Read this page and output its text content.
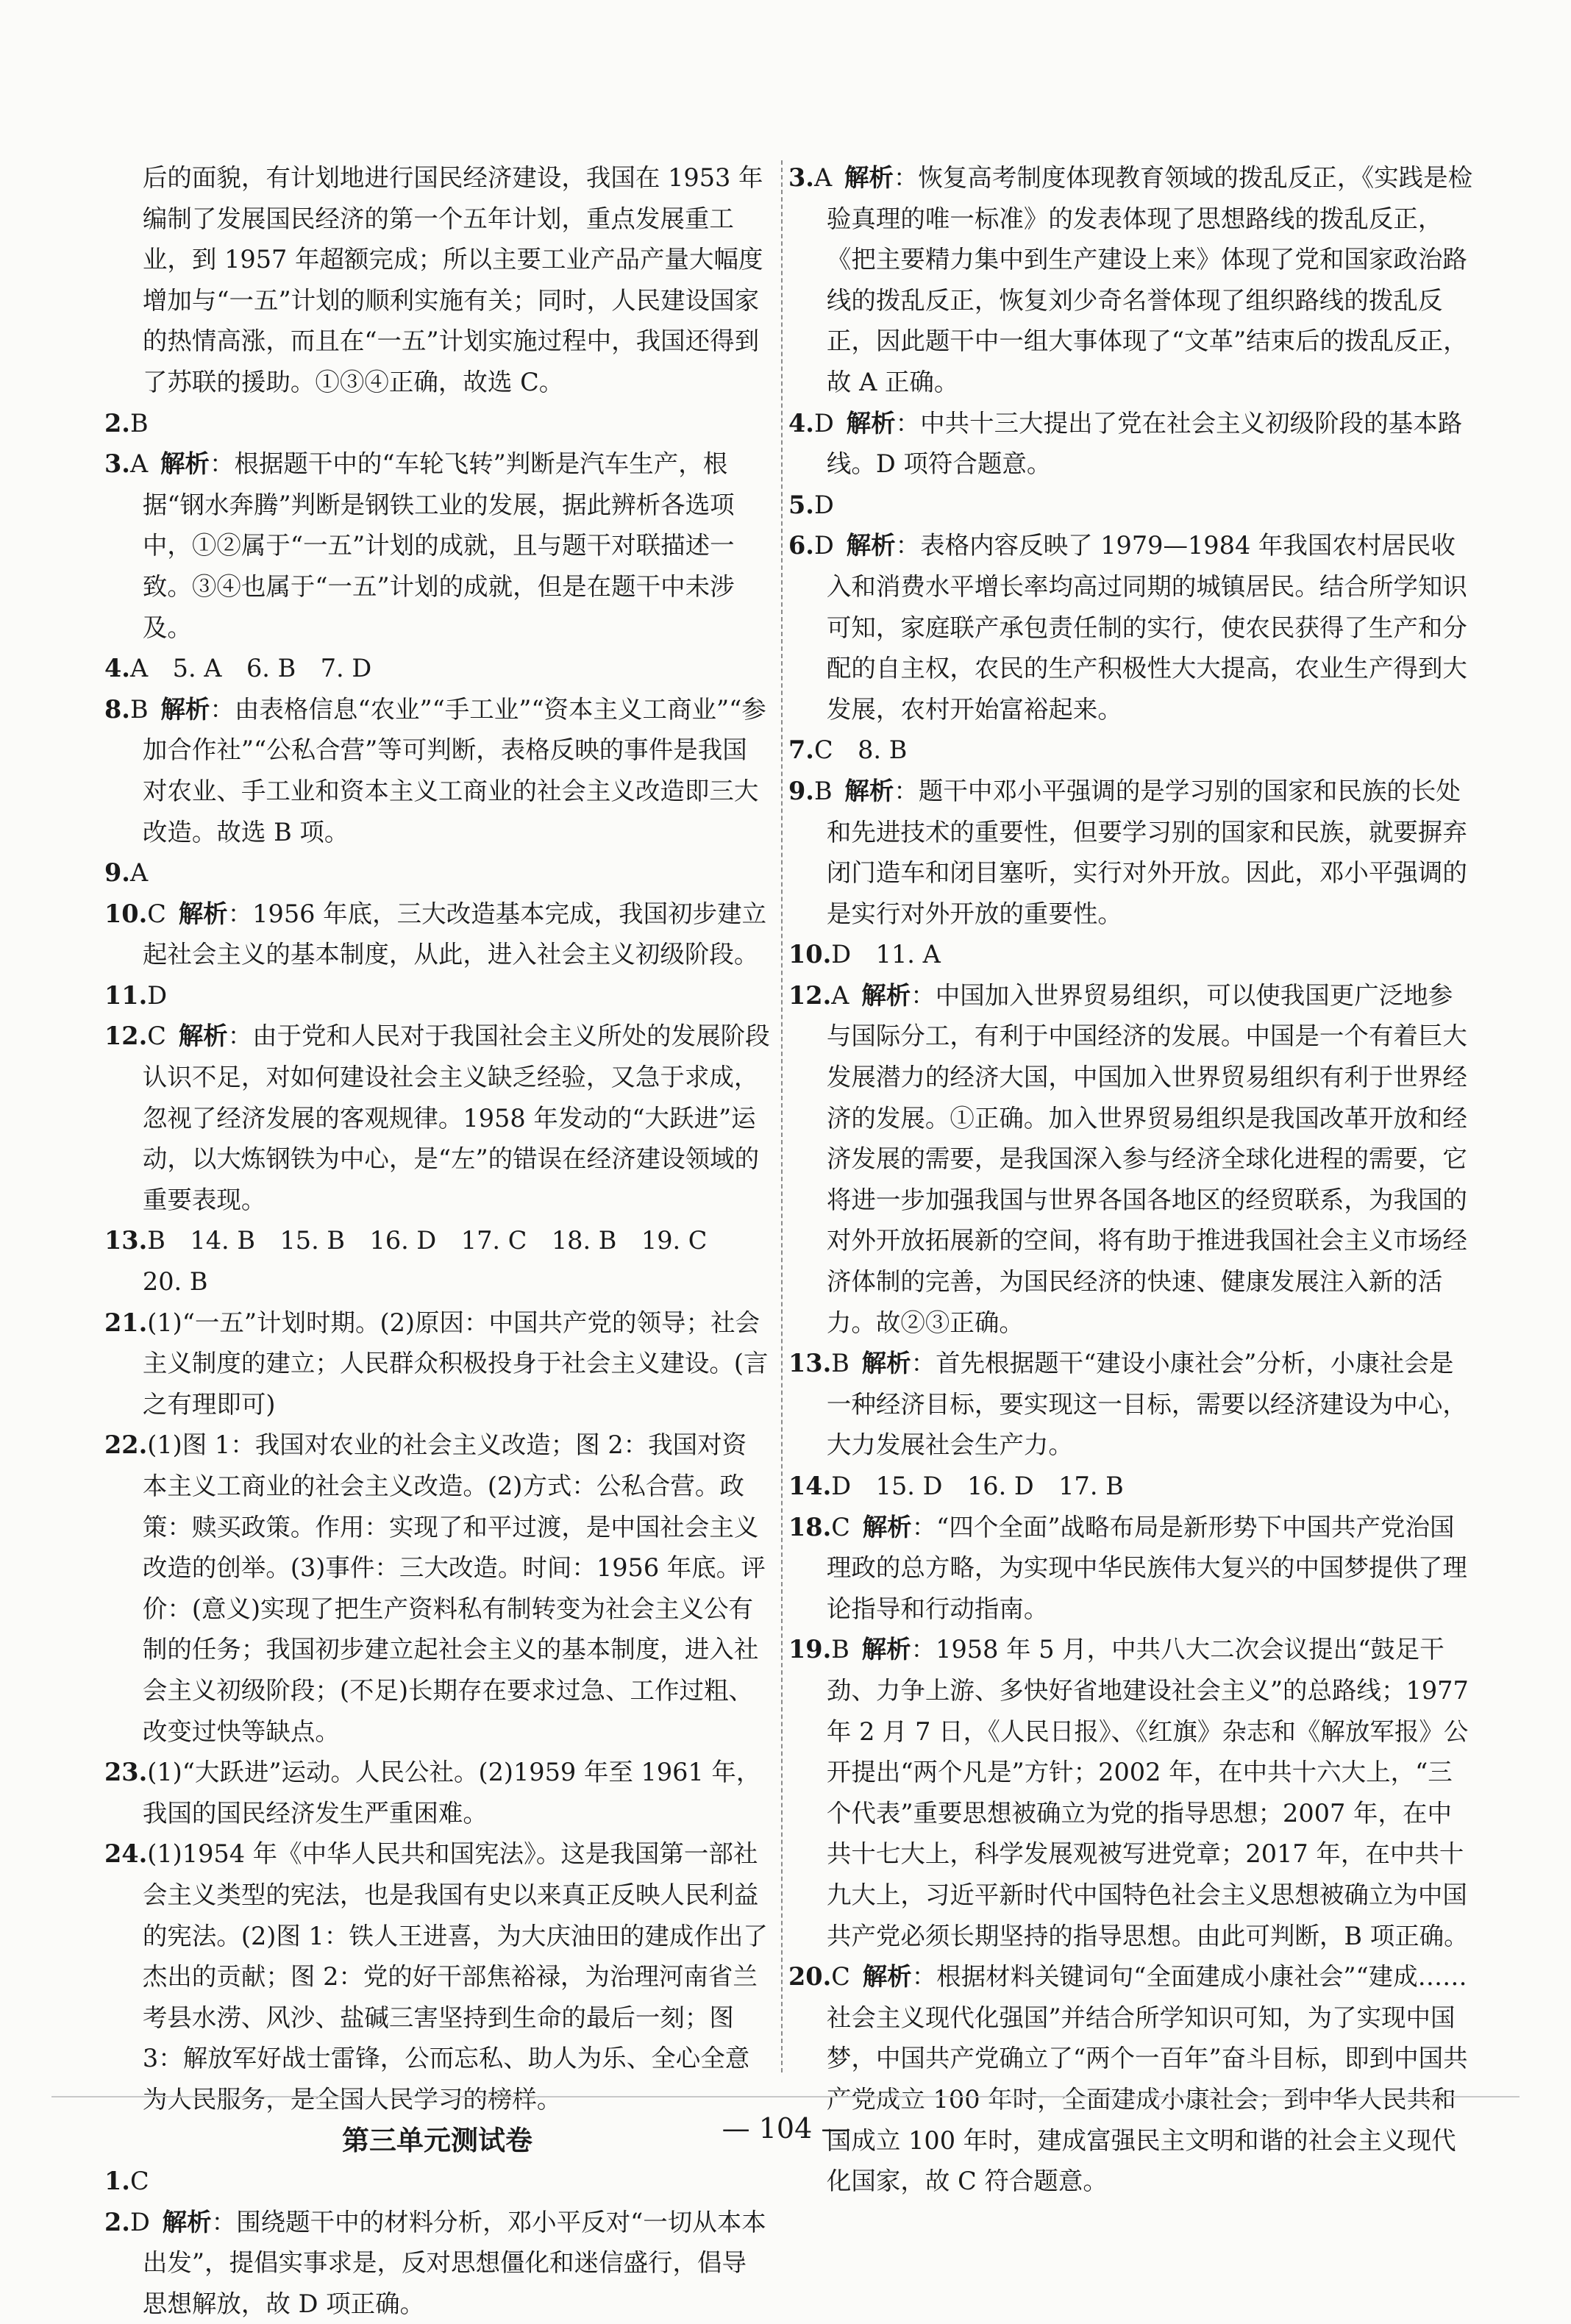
后的面貌，有计划地进行国民经济建设，我国在 1953 年编制了发展国民经济的第一个五年计划，重点发展重工业，到 1957 年超额完成；所以主要工业产品产量大幅度增加与“一五”计划的顺利实施有关；同时，人民建设国家的热情高涨，而且在“一五”计划实施过程中，我国还得到了苏联的援助。①③④正确，故选 C。

2.B

3.A 解析：根据题干中的“车轮飞转”判断是汽车生产，根据“钢水奔腾”判断是钢铁工业的发展，据此辨析各选项中，①②属于“一五”计划的成就，且与题干对联描述一致。③④也属于“一五”计划的成就，但是在题干中未涉及。

4.A　5. A　6. B　7. D

8.B 解析：由表格信息“农业”“手工业”“资本主义工商业”“参加合作社”“公私合营”等可判断，表格反映的事件是我国对农业、手工业和资本主义工商业的社会主义改造即三大改造。故选 B 项。

9.A

10.C 解析：1956 年底，三大改造基本完成，我国初步建立起社会主义的基本制度，从此，进入社会主义初级阶段。

11.D

12.C 解析：由于党和人民对于我国社会主义所处的发展阶段认识不足，对如何建设社会主义缺乏经验，又急于求成，忽视了经济发展的客观规律。1958 年发动的“大跃进”运动，以大炼钢铁为中心，是“左”的错误在经济建设领域的重要表现。

13.B　14. B　15. B　16. D　17. C　18. B　19. C　20. B

21.(1)“一五”计划时期。(2)原因：中国共产党的领导；社会主义制度的建立；人民群众积极投身于社会主义建设。(言之有理即可)

22.(1)图 1：我国对农业的社会主义改造；图 2：我国对资本主义工商业的社会主义改造。(2)方式：公私合营。政策：赎买政策。作用：实现了和平过渡，是中国社会主义改造的创举。(3)事件：三大改造。时间：1956 年底。评价：(意义)实现了把生产资料私有制转变为社会主义公有制的任务；我国初步建立起社会主义的基本制度，进入社会主义初级阶段；(不足)长期存在要求过急、工作过粗、改变过快等缺点。

23.(1)“大跃进”运动。人民公社。(2)1959 年至 1961 年，我国的国民经济发生严重困难。

24.(1)1954 年《中华人民共和国宪法》。这是我国第一部社会主义类型的宪法，也是我国有史以来真正反映人民利益的宪法。(2)图 1：铁人王进喜，为大庆油田的建成作出了杰出的贡献；图 2：党的好干部焦裕禄，为治理河南省兰考县水涝、风沙、盐碱三害坚持到生命的最后一刻；图 3：解放军好战士雷锋，公而忘私、助人为乐、全心全意为人民服务，是全国人民学习的榜样。

第三单元测试卷

1.C

2.D 解析：围绕题干中的材料分析，邓小平反对“一切从本本出发”，提倡实事求是，反对思想僵化和迷信盛行，倡导思想解放，故 D 项正确。

3.A 解析：恢复高考制度体现教育领域的拨乱反正，《实践是检验真理的唯一标准》的发表体现了思想路线的拨乱反正，《把主要精力集中到生产建设上来》体现了党和国家政治路线的拨乱反正，恢复刘少奇名誉体现了组织路线的拨乱反正，因此题干中一组大事体现了“文革”结束后的拨乱反正，故 A 正确。

4.D 解析：中共十三大提出了党在社会主义初级阶段的基本路线。D 项符合题意。

5.D

6.D 解析：表格内容反映了 1979—1984 年我国农村居民收入和消费水平增长率均高过同期的城镇居民。结合所学知识可知，家庭联产承包责任制的实行，使农民获得了生产和分配的自主权，农民的生产积极性大大提高，农业生产得到大发展，农村开始富裕起来。

7.C　8. B

9.B 解析：题干中邓小平强调的是学习别的国家和民族的长处和先进技术的重要性，但要学习别的国家和民族，就要摒弃闭门造车和闭目塞听，实行对外开放。因此，邓小平强调的是实行对外开放的重要性。

10.D　11. A

12.A 解析：中国加入世界贸易组织，可以使我国更广泛地参与国际分工，有利于中国经济的发展。中国是一个有着巨大发展潜力的经济大国，中国加入世界贸易组织有利于世界经济的发展。①正确。加入世界贸易组织是我国改革开放和经济发展的需要，是我国深入参与经济全球化进程的需要，它将进一步加强我国与世界各国各地区的经贸联系，为我国的对外开放拓展新的空间，将有助于推进我国社会主义市场经济体制的完善，为国民经济的快速、健康发展注入新的活力。故②③正确。

13.B 解析：首先根据题干“建设小康社会”分析，小康社会是一种经济目标，要实现这一目标，需要以经济建设为中心，大力发展社会生产力。

14.D　15. D　16. D　17. B

18.C 解析：“四个全面”战略布局是新形势下中国共产党治国理政的总方略，为实现中华民族伟大复兴的中国梦提供了理论指导和行动指南。

19.B 解析：1958 年 5 月，中共八大二次会议提出“鼓足干劲、力争上游、多快好省地建设社会主义”的总路线；1977 年 2 月 7 日，《人民日报》、《红旗》杂志和《解放军报》公开提出“两个凡是”方针；2002 年，在中共十六大上，“三个代表”重要思想被确立为党的指导思想；2007 年，在中共十七大上，科学发展观被写进党章；2017 年，在中共十九大上，习近平新时代中国特色社会主义思想被确立为中国共产党必须长期坚持的指导思想。由此可判断，B 项正确。

20.C 解析：根据材料关键词句“全面建成小康社会”“建成……社会主义现代化强国”并结合所学知识可知，为了实现中国梦，中国共产党确立了“两个一百年”奋斗目标，即到中国共产党成立 100 年时，全面建成小康社会；到中华人民共和国成立 100 年时，建成富强民主文明和谐的社会主义现代化国家，故 C 符合题意。

— 104 —
